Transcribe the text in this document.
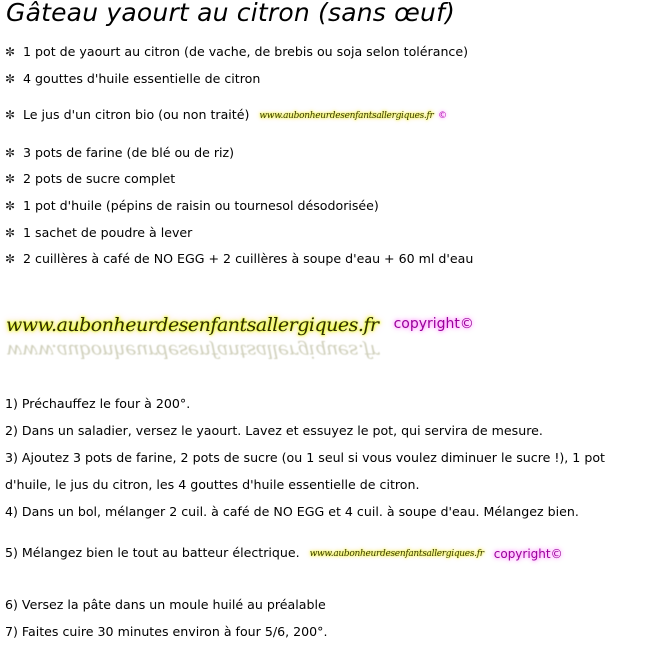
Gâteau yaourt au citron (sans œuf)
✼ 1 pot de yaourt au citron (de vache, de brebis ou soja selon tolérance)
✼ 4 gouttes d'huile essentielle de citron
✼ Le jus d'un citron bio (ou non traité) www.aubonheurdesenfantsallergiques.fr ©
✼ 3 pots de farine (de blé ou de riz)
✼ 2 pots de sucre complet
✼ 1 pot d'huile (pépins de raisin ou tournesol désodorisée)
✼ 1 sachet de poudre à lever
✼ 2 cuillères à café de NO EGG + 2 cuillères à soupe d'eau + 60 ml d'eau
www.aubonheurdesenfantsallergiques.fr copyright©
www.aubonheurdesenfantsallergiques.fr
1) Préchauffez le four à 200°.
2) Dans un saladier, versez le yaourt. Lavez et essuyez le pot, qui servira de mesure.
3) Ajoutez 3 pots de farine, 2 pots de sucre (ou 1 seul si vous voulez diminuer le sucre !), 1 pot
d'huile, le jus du citron, les 4 gouttes d'huile essentielle de citron.
4) Dans un bol, mélanger 2 cuil. à café de NO EGG et 4 cuil. à soupe d'eau. Mélangez bien.
5) Mélangez bien le tout au batteur électrique. www.aubonheurdesenfantsallergiques.fr copyright©
6) Versez la pâte dans un moule huilé au préalable
7) Faites cuire 30 minutes environ à four 5/6, 200°.
